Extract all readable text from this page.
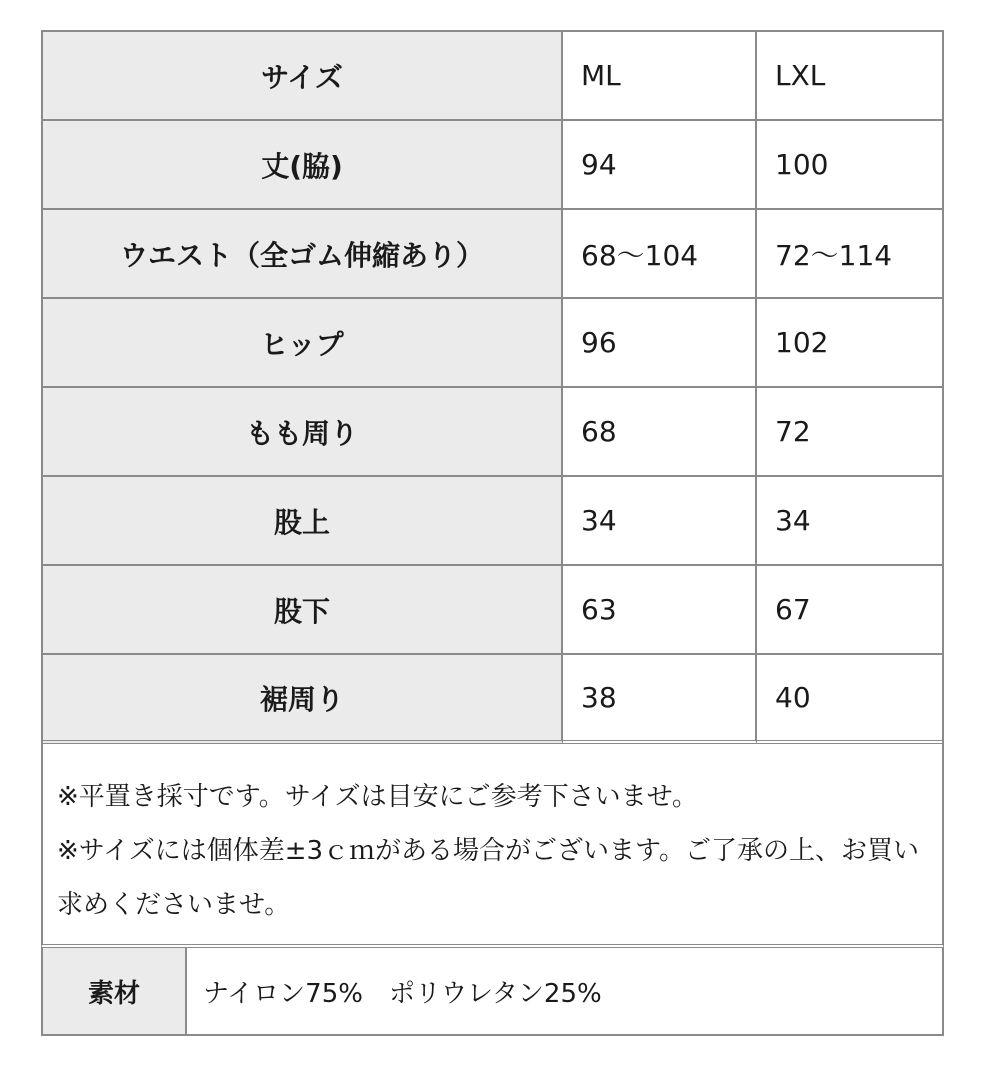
サイズ	ML	LXL
丈(脇)	94	100
ウエスト（全ゴム伸縮あり）	68〜104	72〜114
ヒップ	96	102
もも周り	68	72
股上	34	34
股下	63	67
裾周り	38	40

※平置き採寸です。サイズは目安にご参考下さいませ。

※サイズには個体差±3ｃｍがある場合がございます。ご了承の上、お買い求めくださいませ。

素材	ナイロン75%　ポリウレタン25%
